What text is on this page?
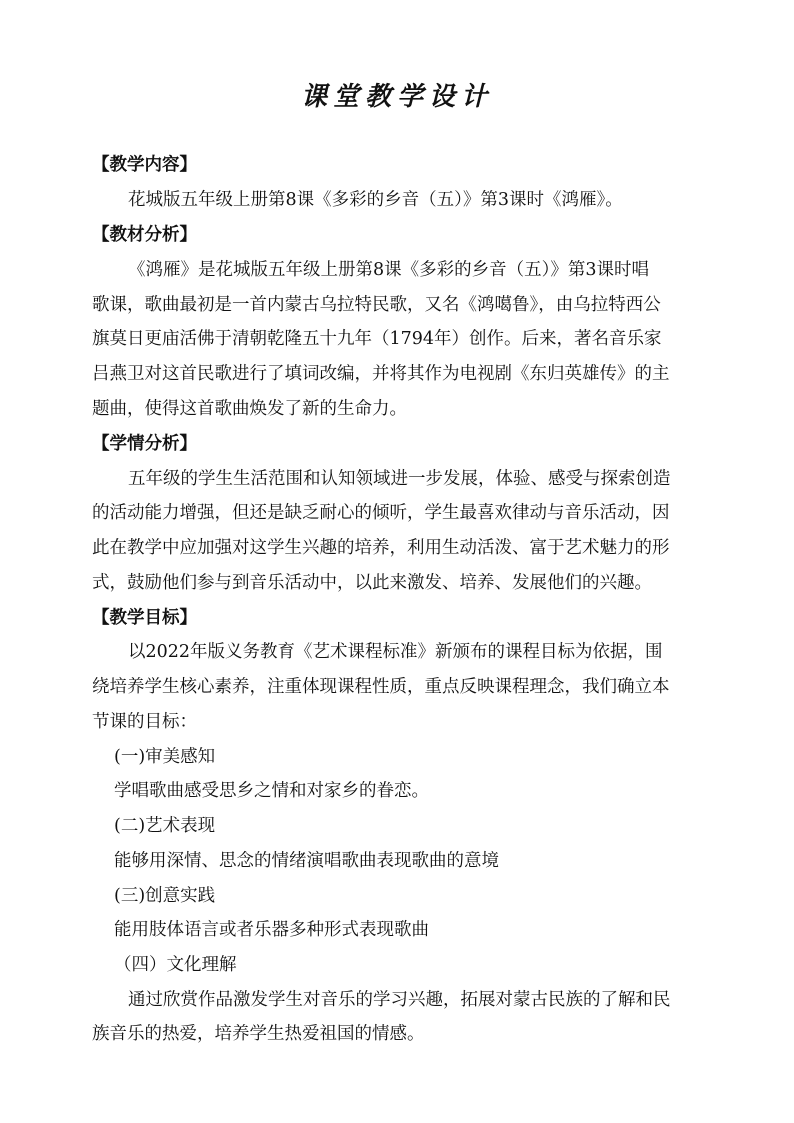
课堂教学设计
【教学内容】
花城版五年级上册第8课《多彩的乡音（五）》第3课时《鸿雁》。
【教材分析】
《鸿雁》是花城版五年级上册第8课《多彩的乡音（五）》第3课时唱
歌课，歌曲最初是一首内蒙古乌拉特民歌，又名《鸿噶鲁》，由乌拉特西公
旗莫日更庙活佛于清朝乾隆五十九年（1794年）创作。后来，著名音乐家
吕燕卫对这首民歌进行了填词改编，并将其作为电视剧《东归英雄传》的主
题曲，使得这首歌曲焕发了新的生命力。
【学情分析】
五年级的学生生活范围和认知领域进一步发展，体验、感受与探索创造
的活动能力增强，但还是缺乏耐心的倾听，学生最喜欢律动与音乐活动，因
此在教学中应加强对这学生兴趣的培养，利用生动活泼、富于艺术魅力的形
式，鼓励他们参与到音乐活动中，以此来激发、培养、发展他们的兴趣。
【教学目标】
以2022年版义务教育《艺术课程标准》新颁布的课程目标为依据，围
绕培养学生核心素养，注重体现课程性质，重点反映课程理念，我们确立本
节课的目标：
(一)审美感知
学唱歌曲感受思乡之情和对家乡的眷恋。
(二)艺术表现
能够用深情、思念的情绪演唱歌曲表现歌曲的意境
(三)创意实践
能用肢体语言或者乐器多种形式表现歌曲
（四）文化理解
通过欣赏作品激发学生对音乐的学习兴趣，拓展对蒙古民族的了解和民
族音乐的热爱，培养学生热爱祖国的情感。
